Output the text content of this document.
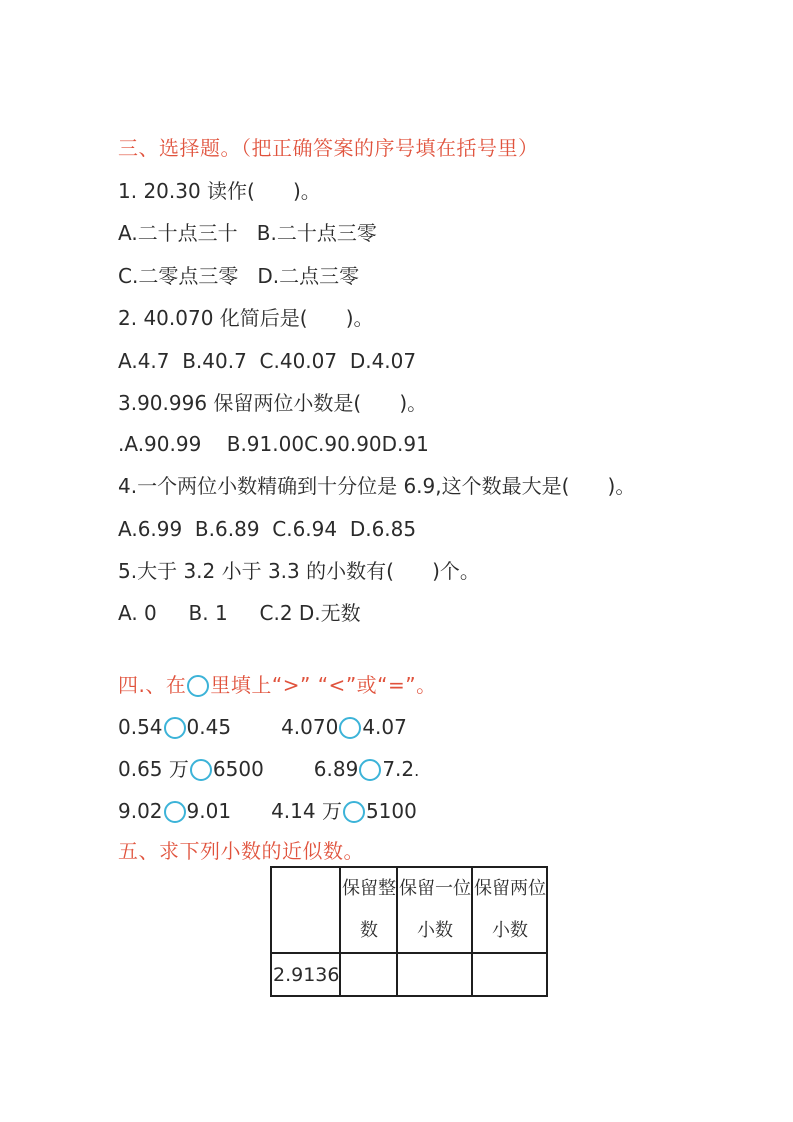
三、选择题。（把正确答案的序号填在括号里）
1. 20.30 读作(      )。
A.二十点三十   B.二十点三零
C.二零点三零   D.二点三零
2. 40.070 化简后是(      )。
A.4.7  B.40.7  C.40.07  D.4.07
3.90.996 保留两位小数是(      )。
.A.90.99    B.91.00C.90.90D.91
4.一个两位小数精确到十分位是 6.9,这个数最大是(      )。
A.6.99  B.6.89  C.6.94  D.6.85
5.大于 3.2 小于 3.3 的小数有(      )个。
A. 0     B. 1     C.2 D.无数
四.、在 里填上“>” “<”或“=”。
0.54 0.45	4.070 4.07
0.65 万 6500	6.89 7.2.
9.02 9.01 4.14 万 5100
五、求下列小数的近似数。
	保留整数	保留一位小数	保留两位小数
2.9136			
